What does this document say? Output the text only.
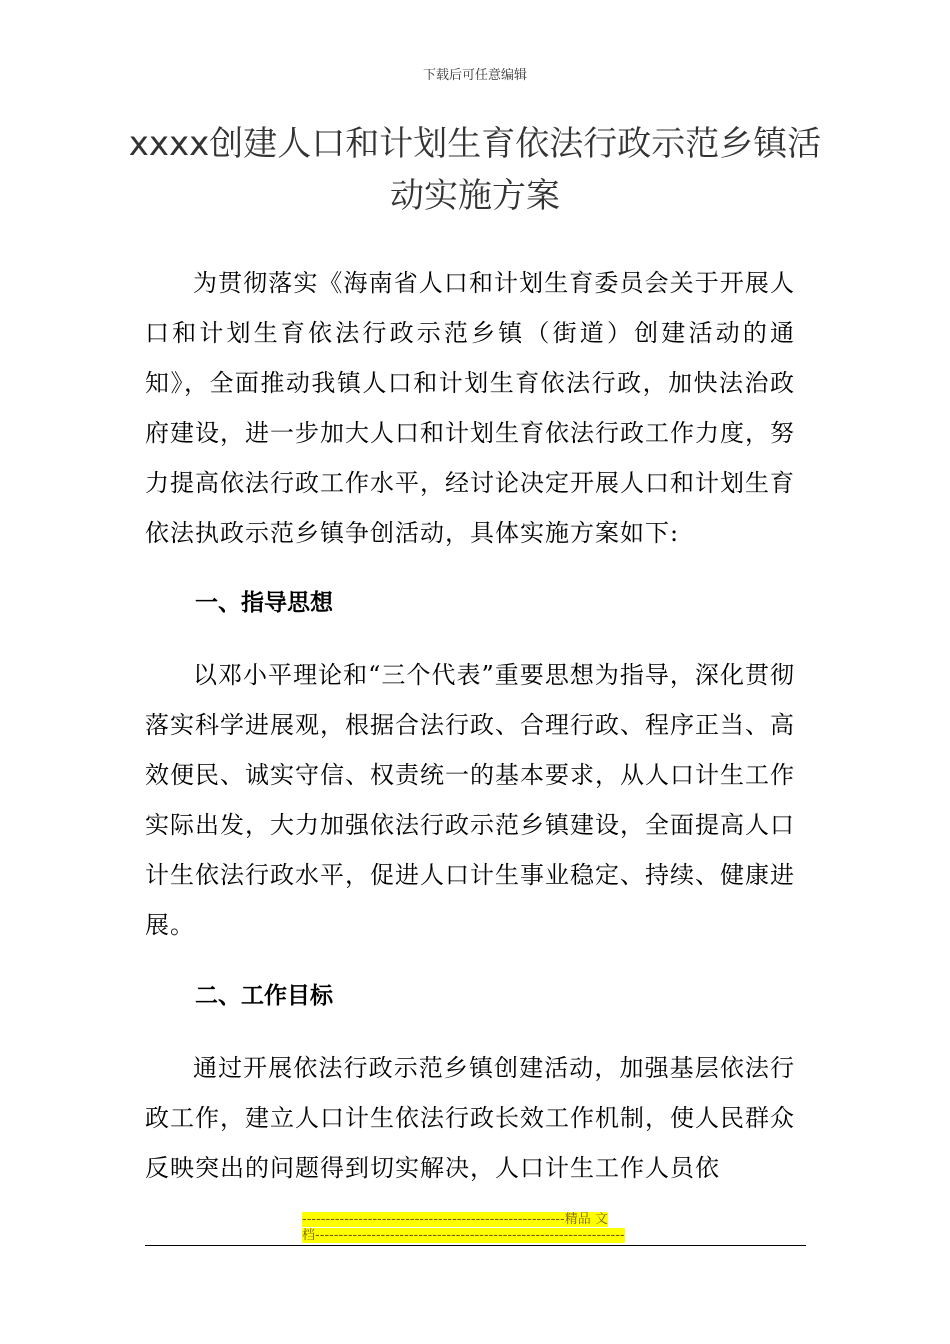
下载后可任意编辑
xxxx创建人口和计划生育依法行政示范乡镇活动实施方案

为贯彻落实《海南省人口和计划生育委员会关于开展人口和计划生育依法行政示范乡镇（街道）创建活动的通知》，全面推动我镇人口和计划生育依法行政，加快法治政府建设，进一步加大人口和计划生育依法行政工作力度，努力提高依法行政工作水平，经讨论决定开展人口和计划生育依法执政示范乡镇争创活动，具体实施方案如下:

一、指导思想

以邓小平理论和“三个代表”重要思想为指导，深化贯彻落实科学进展观，根据合法行政、合理行政、程序正当、高效便民、诚实守信、权责统一的基本要求，从人口计生工作实际出发，大力加强依法行政示范乡镇建设，全面提高人口计生依法行政水平，促进人口计生事业稳定、持续、健康进展。

二、工作目标

通过开展依法行政示范乡镇创建活动，加强基层依法行政工作，建立人口计生依法行政长效工作机制，使人民群众反映突出的问题得到切实解决，人口计生工作人员依

--------------------------------------------------------精品 文
档------------------------------------------------------------------
